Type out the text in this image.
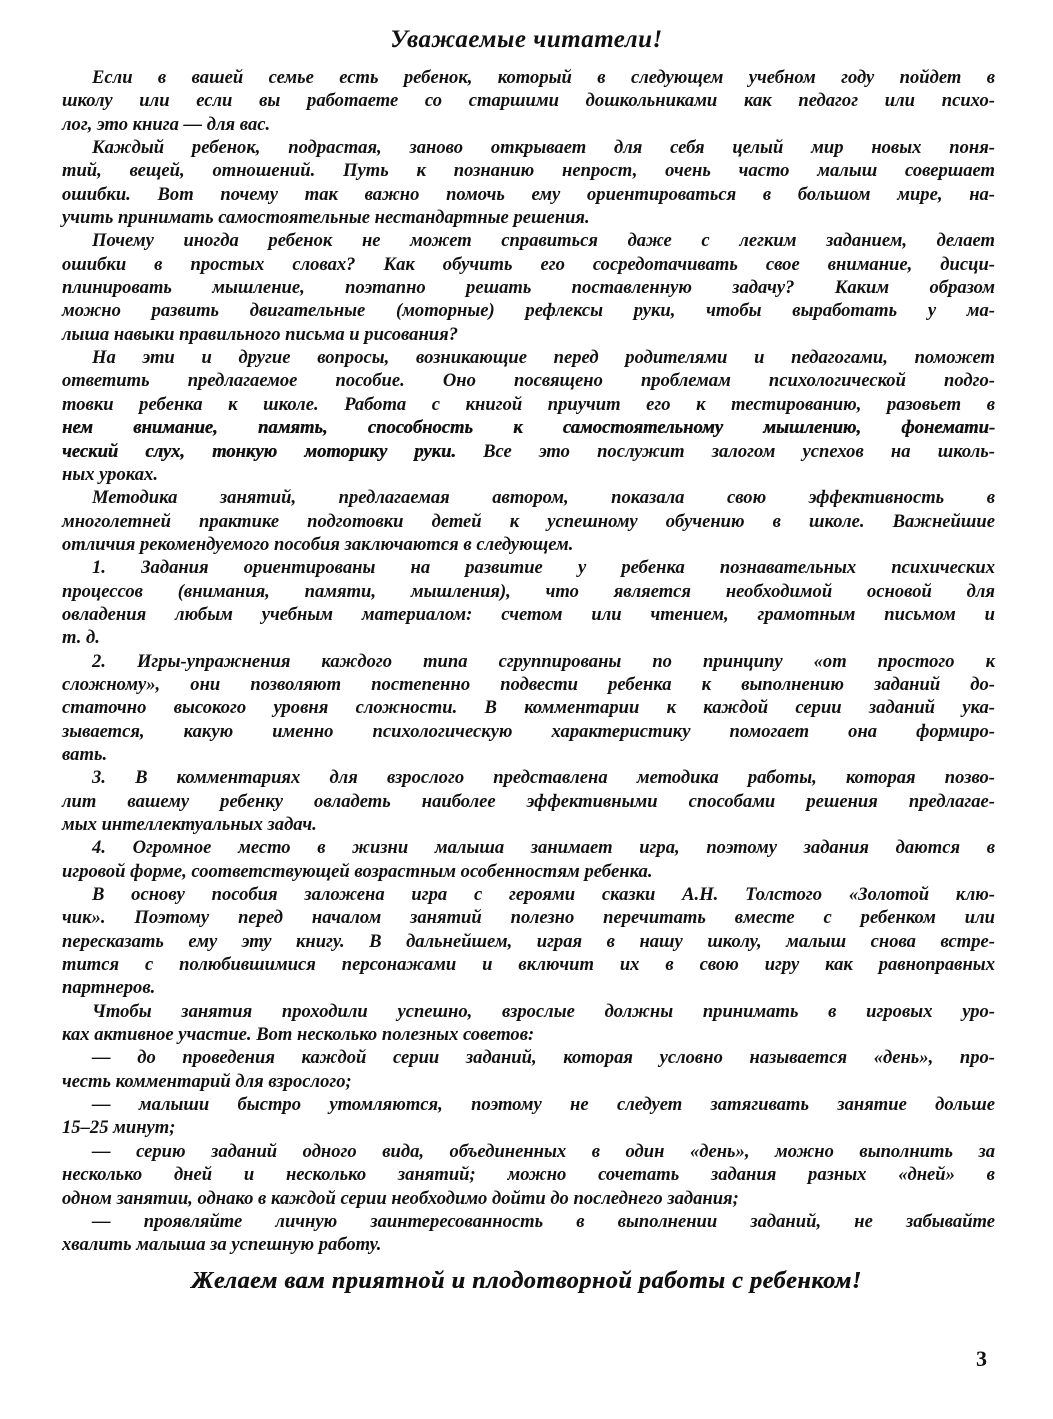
Уважаемые читатели!
Если в вашей семье есть ребенок, который в следующем учебном году пойдет в
школу или если вы работаете со старшими дошкольниками как педагог или психо-
лог, это книга — для вас.
Каждый ребенок, подрастая, заново открывает для себя целый мир новых поня-
тий, вещей, отношений. Путь к познанию непрост, очень часто малыш совершает
ошибки. Вот почему так важно помочь ему ориентироваться в большом мире, на-
учить принимать самостоятельные нестандартные решения.
Почему иногда ребенок не может справиться даже с легким заданием, делает
ошибки в простых словах? Как обучить его сосредотачивать свое внимание, дисци-
плинировать мышление, поэтапно решать поставленную задачу? Каким образом
можно развить двигательные (моторные) рефлексы руки, чтобы выработать у ма-
лыша навыки правильного письма и рисования?
На эти и другие вопросы, возникающие перед родителями и педагогами, поможет
ответить предлагаемое пособие. Оно посвящено проблемам психологической подго-
товки ребенка к школе. Работа с книгой приучит его к тестированию, разовьет в
нем внимание, память, способность к самостоятельному мышлению, фонемати-
ческий слух, тонкую моторику руки. Все это послужит залогом успехов на школь-
ных уроках.
Методика занятий, предлагаемая автором, показала свою эффективность в
многолетней практике подготовки детей к успешному обучению в школе. Важнейшие
отличия рекомендуемого пособия заключаются в следующем.
1. Задания ориентированы на развитие у ребенка познавательных психических
процессов (внимания, памяти, мышления), что является необходимой основой для
овладения любым учебным материалом: счетом или чтением, грамотным письмом и
т. д.
2. Игры-упражнения каждого типа сгруппированы по принципу «от простого к
сложному», они позволяют постепенно подвести ребенка к выполнению заданий до-
статочно высокого уровня сложности. В комментарии к каждой серии заданий ука-
зывается, какую именно психологическую характеристику помогает она формиро-
вать.
3. В комментариях для взрослого представлена методика работы, которая позво-
лит вашему ребенку овладеть наиболее эффективными способами решения предлагае-
мых интеллектуальных задач.
4. Огромное место в жизни малыша занимает игра, поэтому задания даются в
игровой форме, соответствующей возрастным особенностям ребенка.
В основу пособия заложена игра с героями сказки А.Н. Толстого «Золотой клю-
чик». Поэтому перед началом занятий полезно перечитать вместе с ребенком или
пересказать ему эту книгу. В дальнейшем, играя в нашу школу, малыш снова встре-
тится с полюбившимися персонажами и включит их в свою игру как равноправных
партнеров.
Чтобы занятия проходили успешно, взрослые должны принимать в игровых уро-
ках активное участие. Вот несколько полезных советов:
— до проведения каждой серии заданий, которая условно называется «день», про-
честь комментарий для взрослого;
— малыши быстро утомляются, поэтому не следует затягивать занятие дольше
15–25 минут;
— серию заданий одного вида, объединенных в один «день», можно выполнить за
несколько дней и несколько занятий; можно сочетать задания разных «дней» в
одном занятии, однако в каждой серии необходимо дойти до последнего задания;
— проявляйте личную заинтересованность в выполнении заданий, не забывайте
хвалить малыша за успешную работу.
Желаем вам приятной и плодотворной работы с ребенком!
3
